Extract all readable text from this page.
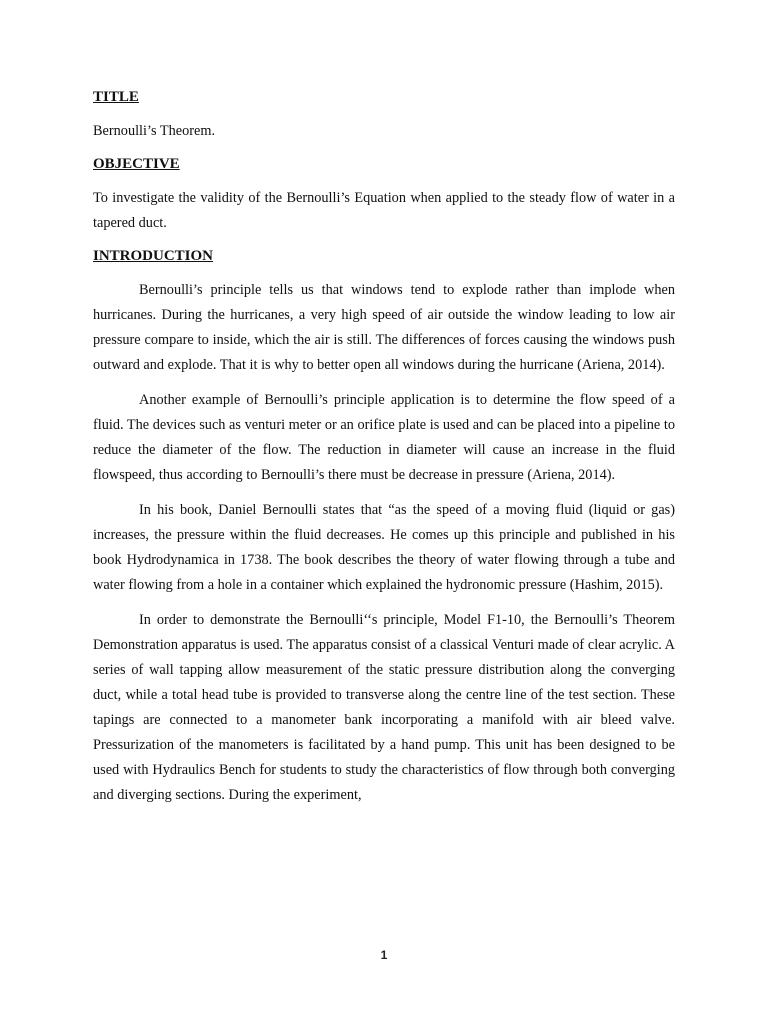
TITLE
Bernoulli’s Theorem.
OBJECTIVE
To investigate the validity of the Bernoulli’s Equation when applied to the steady flow of water in a tapered duct.
INTRODUCTION
Bernoulli’s principle tells us that windows tend to explode rather than implode when hurricanes. During the hurricanes, a very high speed of air outside the window leading to low air pressure compare to inside, which the air is still. The differences of forces causing the windows push outward and explode. That it is why to better open all windows during the hurricane (Ariena, 2014).
Another example of Bernoulli’s principle application is to determine the flow speed of a fluid. The devices such as venturi meter or an orifice plate is used and can be placed into a pipeline to reduce the diameter of the flow. The reduction in diameter will cause an increase in the fluid flowspeed, thus according to Bernoulli’s there must be decrease in pressure (Ariena, 2014).
In his book, Daniel Bernoulli states that “as the speed of a moving fluid (liquid or gas) increases, the pressure within the fluid decreases. He comes up this principle and published in his book Hydrodynamica in 1738. The book describes the theory of water flowing through a tube and water flowing from a hole in a container which explained the hydronomic pressure (Hashim, 2015).
In order to demonstrate the Bernoulli‘‘s principle, Model F1-10, the Bernoulli’s Theorem Demonstration apparatus is used. The apparatus consist of a classical Venturi made of clear acrylic. A series of wall tapping allow measurement of the static pressure distribution along the converging duct, while a total head tube is provided to transverse along the centre line of the test section. These tapings are connected to a manometer bank incorporating a manifold with air bleed valve. Pressurization of the manometers is facilitated by a hand pump. This unit has been designed to be used with Hydraulics Bench for students to study the characteristics of flow through both converging and diverging sections. During the experiment,
1
